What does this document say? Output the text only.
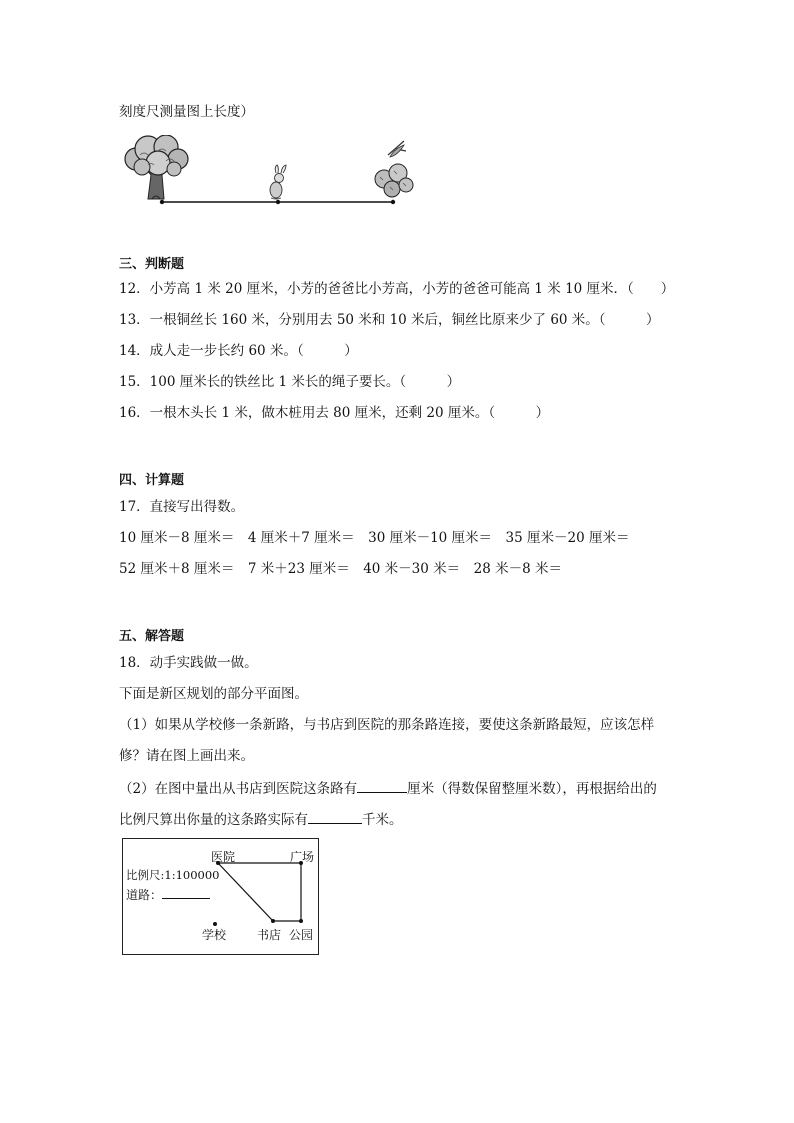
刻度尺测量图上长度）
三、判断题
12．小芳高 1 米 20 厘米，小芳的爸爸比小芳高，小芳的爸爸可能高 1 米 10 厘米．（　　）
13．一根铜丝长 160 米，分别用去 50 米和 10 米后，铜丝比原来少了 60 米。（　　　）
14．成人走一步长约 60 米。（　　　）
15．100 厘米长的铁丝比 1 米长的绳子要长。（　　　）
16．一根木头长 1 米，做木桩用去 80 厘米，还剩 20 厘米。（　　　）
四、计算题
17．直接写出得数。
10 厘米－8 厘米＝　4 厘米＋7 厘米＝　30 厘米－10 厘米＝　35 厘米－20 厘米＝
52 厘米＋8 厘米＝　7 米＋23 厘米＝　40 米－30 米＝　28 米－8 米＝
五、解答题
18．动手实践做一做。
下面是新区规划的部分平面图。
（1）如果从学校修一条新路，与书店到医院的那条路连接，要使这条新路最短，应该怎样
修？请在图上画出来。
（2）在图中量出从书店到医院这条路有	厘米（得数保留整厘米数），再根据给出的
比例尺算出你量的这条路实际有	千米。
医院	广场
比例尺:1:100000
道路：
学校	书店 公园
